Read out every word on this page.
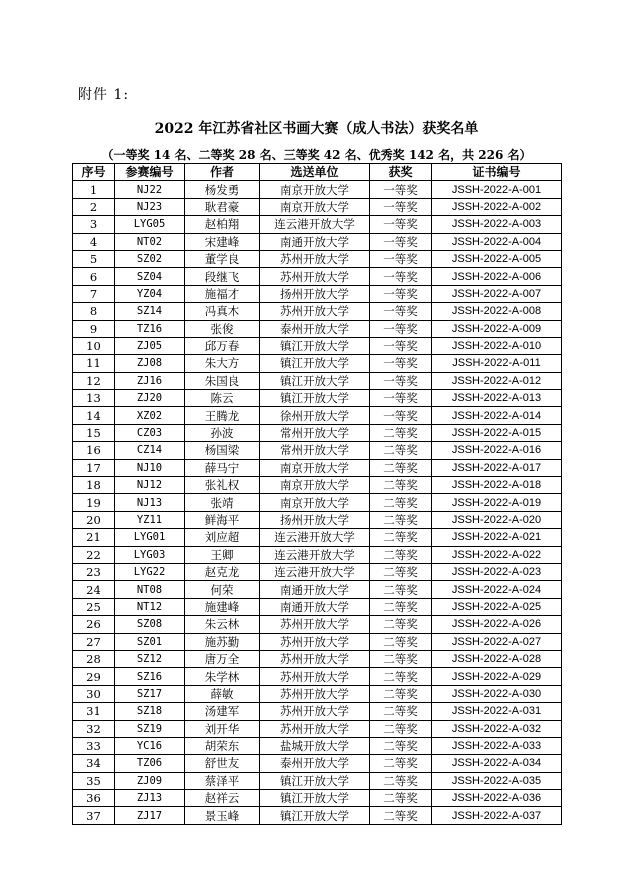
附件 1:
2022 年江苏省社区书画大赛（成人书法）获奖名单
（一等奖 14 名、二等奖 28 名、三等奖 42 名、优秀奖 142 名，共 226 名）
序号	参赛编号	作者	选送单位	获奖	证书编号
1	NJ22	杨发勇	南京开放大学	一等奖	JSSH-2022-A-001
2	NJ23	耿君豪	南京开放大学	一等奖	JSSH-2022-A-002
3	LYG05	赵柏翔	连云港开放大学	一等奖	JSSH-2022-A-003
4	NT02	宋建峰	南通开放大学	一等奖	JSSH-2022-A-004
5	SZ02	董学良	苏州开放大学	一等奖	JSSH-2022-A-005
6	SZ04	段继飞	苏州开放大学	一等奖	JSSH-2022-A-006
7	YZ04	施福才	扬州开放大学	一等奖	JSSH-2022-A-007
8	SZ14	冯真木	苏州开放大学	一等奖	JSSH-2022-A-008
9	TZ16	张俊	泰州开放大学	一等奖	JSSH-2022-A-009
10	ZJ05	邱万春	镇江开放大学	一等奖	JSSH-2022-A-010
11	ZJ08	朱大方	镇江开放大学	一等奖	JSSH-2022-A-011
12	ZJ16	朱国良	镇江开放大学	一等奖	JSSH-2022-A-012
13	ZJ20	陈云	镇江开放大学	一等奖	JSSH-2022-A-013
14	XZ02	王腾龙	徐州开放大学	一等奖	JSSH-2022-A-014
15	CZ03	孙波	常州开放大学	二等奖	JSSH-2022-A-015
16	CZ14	杨国梁	常州开放大学	二等奖	JSSH-2022-A-016
17	NJ10	薛马宁	南京开放大学	二等奖	JSSH-2022-A-017
18	NJ12	张礼权	南京开放大学	二等奖	JSSH-2022-A-018
19	NJ13	张靖	南京开放大学	二等奖	JSSH-2022-A-019
20	YZ11	鲜海平	扬州开放大学	二等奖	JSSH-2022-A-020
21	LYG01	刘应超	连云港开放大学	二等奖	JSSH-2022-A-021
22	LYG03	王卿	连云港开放大学	二等奖	JSSH-2022-A-022
23	LYG22	赵克龙	连云港开放大学	二等奖	JSSH-2022-A-023
24	NT08	何荣	南通开放大学	二等奖	JSSH-2022-A-024
25	NT12	施建峰	南通开放大学	二等奖	JSSH-2022-A-025
26	SZ08	朱云林	苏州开放大学	二等奖	JSSH-2022-A-026
27	SZ01	施苏勤	苏州开放大学	二等奖	JSSH-2022-A-027
28	SZ12	唐万全	苏州开放大学	二等奖	JSSH-2022-A-028
29	SZ16	朱学林	苏州开放大学	二等奖	JSSH-2022-A-029
30	SZ17	薛敏	苏州开放大学	二等奖	JSSH-2022-A-030
31	SZ18	汤建军	苏州开放大学	二等奖	JSSH-2022-A-031
32	SZ19	刘开华	苏州开放大学	二等奖	JSSH-2022-A-032
33	YC16	胡荣东	盐城开放大学	二等奖	JSSH-2022-A-033
34	TZ06	舒世友	泰州开放大学	二等奖	JSSH-2022-A-034
35	ZJ09	蔡泽平	镇江开放大学	二等奖	JSSH-2022-A-035
36	ZJ13	赵祥云	镇江开放大学	二等奖	JSSH-2022-A-036
37	ZJ17	景玉峰	镇江开放大学	二等奖	JSSH-2022-A-037
